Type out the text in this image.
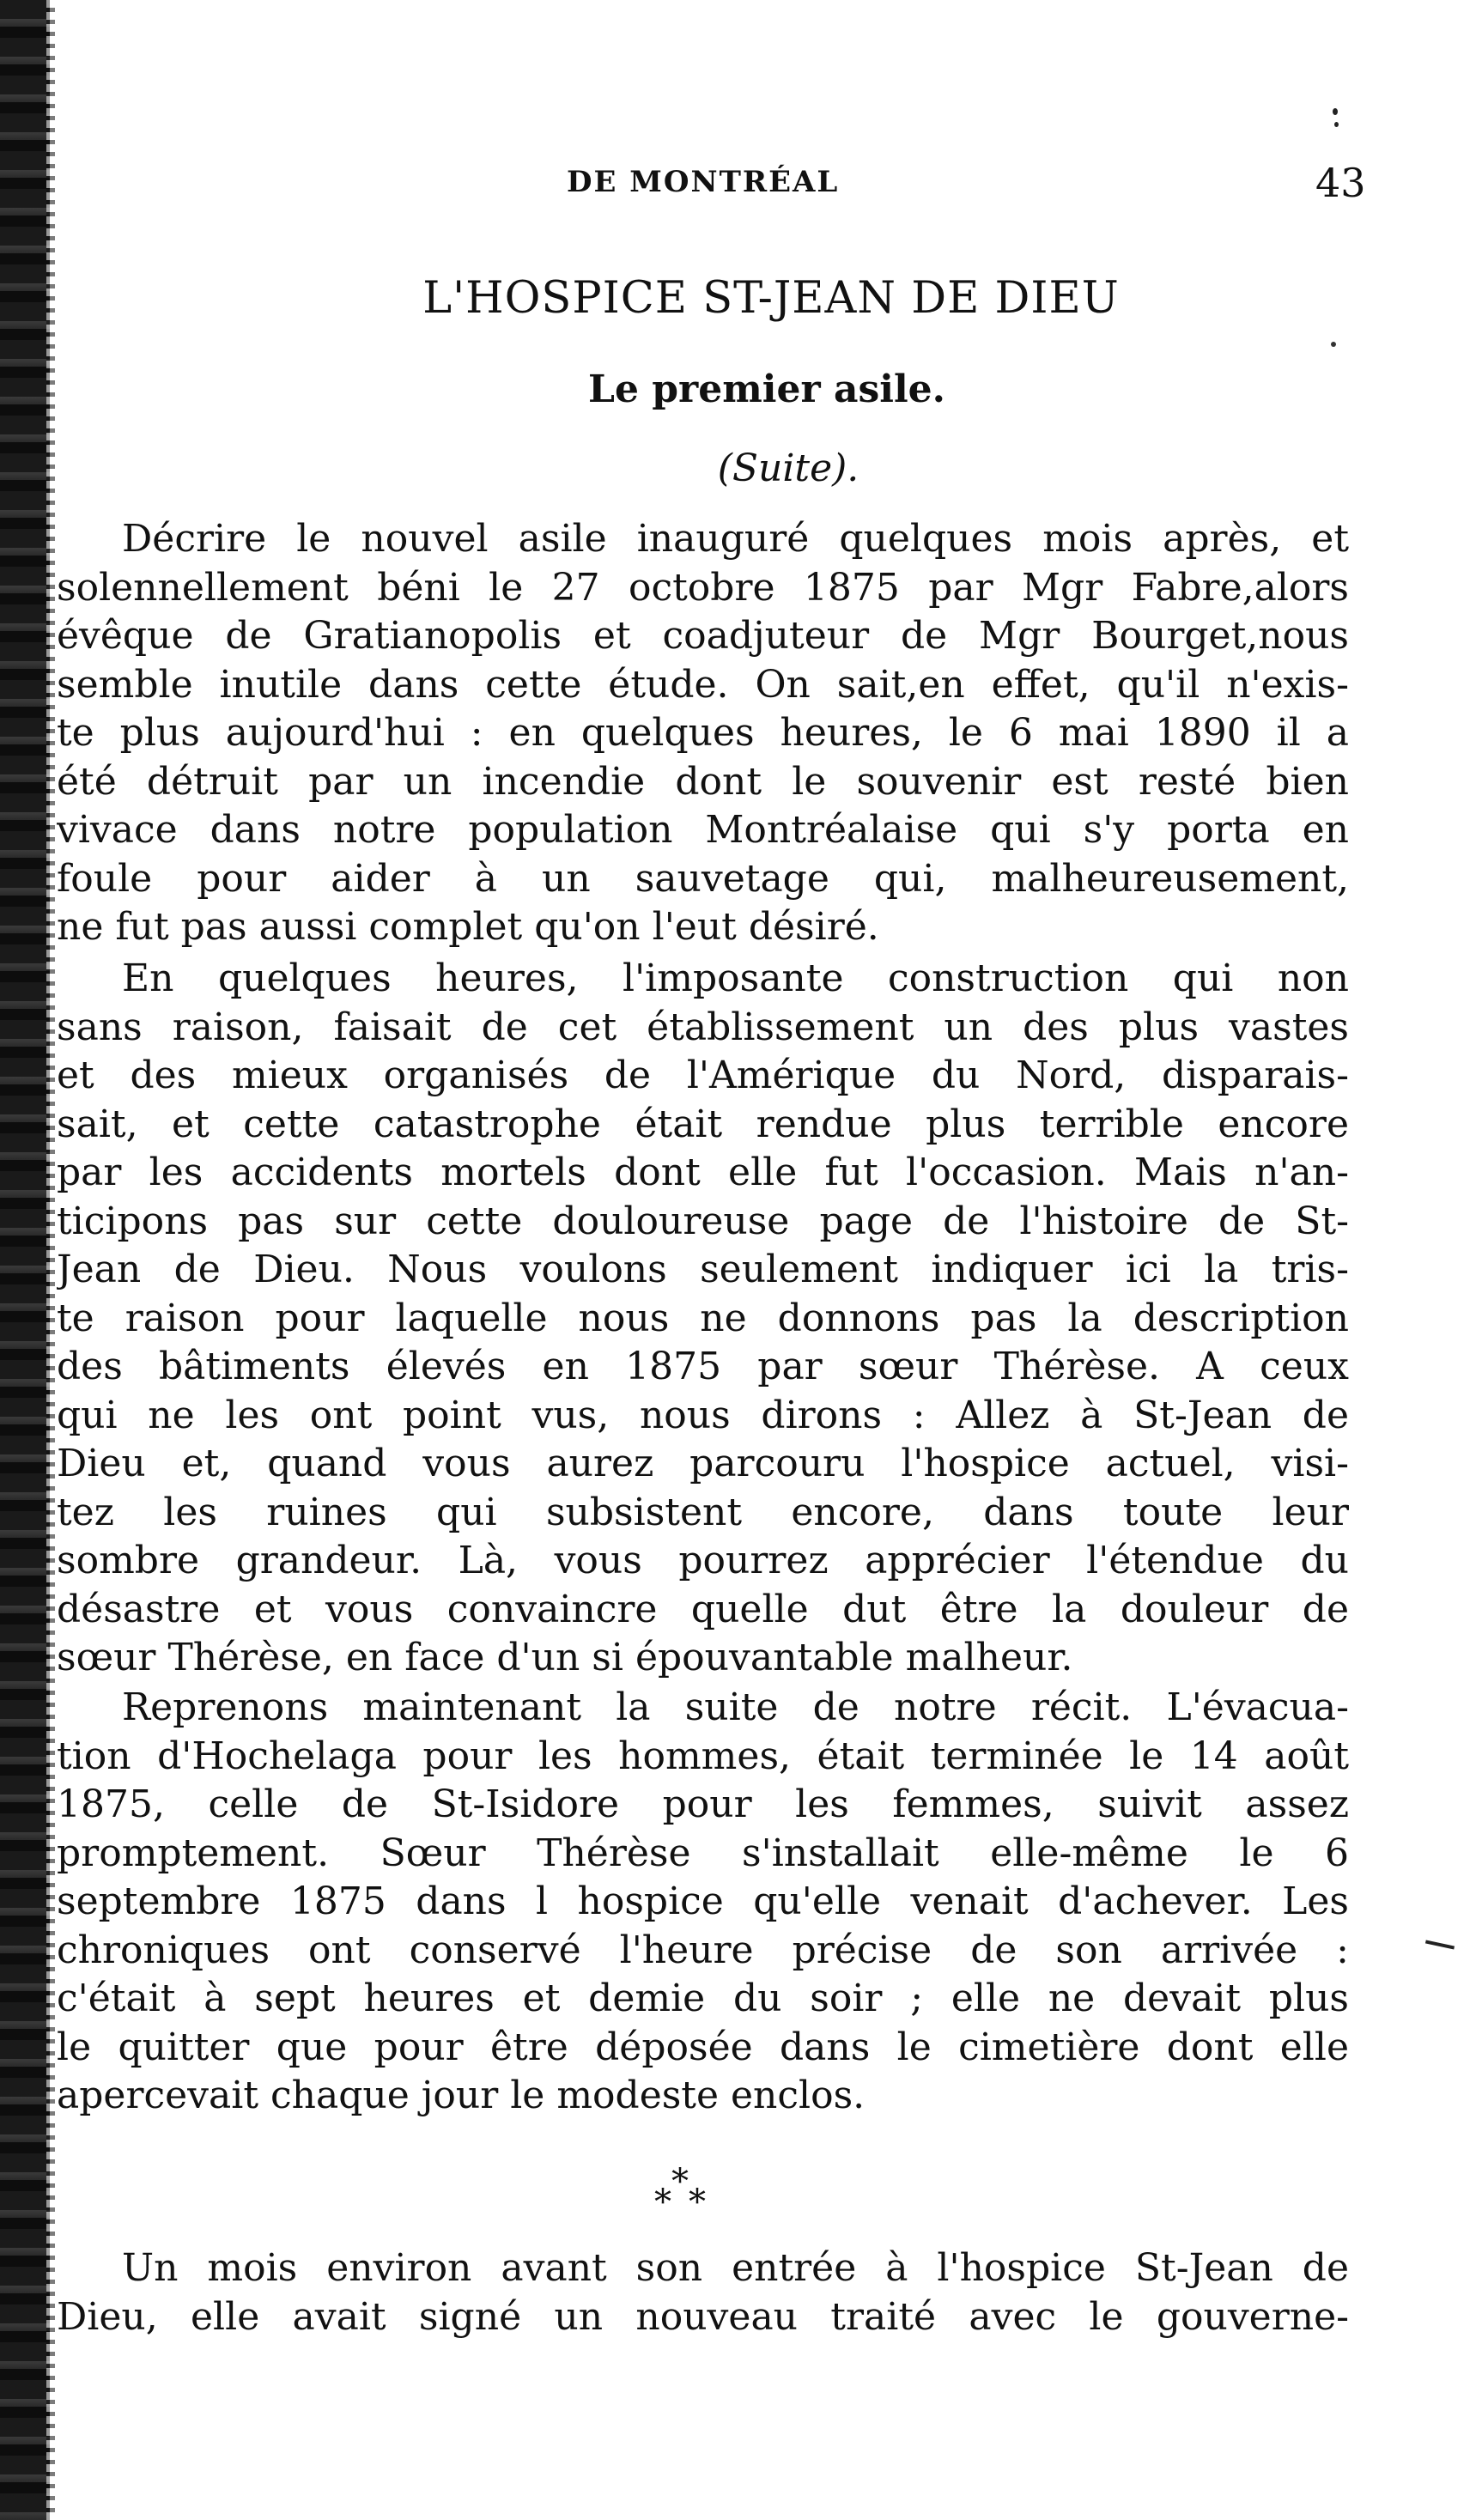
DE MONTRÉAL	43
L'HOSPICE ST-JEAN DE DIEU
Le premier asile.
(Suite).
Décrire le nouvel asile inauguré quelques mois après, et
solennellement béni le 27 octobre 1875 par Mgr Fabre,alors
évêque de Gratianopolis et coadjuteur de Mgr Bourget,nous
semble inutile dans cette étude. On sait,en effet, qu'il n'exis-
te plus aujourd'hui : en quelques heures, le 6 mai 1890 il a
été détruit par un incendie dont le souvenir est resté bien
vivace dans notre population Montréalaise qui s'y porta en
foule pour aider à un sauvetage qui, malheureusement,
ne fut pas aussi complet qu'on l'eut désiré.
En quelques heures, l'imposante construction qui non
sans raison, faisait de cet établissement un des plus vastes
et des mieux organisés de l'Amérique du Nord, disparais-
sait, et cette catastrophe était rendue plus terrible encore
par les accidents mortels dont elle fut l'occasion. Mais n'an-
ticipons pas sur cette douloureuse page de l'histoire de St-
Jean de Dieu. Nous voulons seulement indiquer ici la tris-
te raison pour laquelle nous ne donnons pas la description
des bâtiments élevés en 1875 par sœur Thérèse. A ceux
qui ne les ont point vus, nous dirons : Allez à St-Jean de
Dieu et, quand vous aurez parcouru l'hospice actuel, visi-
tez les ruines qui subsistent encore, dans toute leur
sombre grandeur. Là, vous pourrez apprécier l'étendue du
désastre et vous convaincre quelle dut être la douleur de
sœur Thérèse, en face d'un si épouvantable malheur.
Reprenons maintenant la suite de notre récit. L'évacua-
tion d'Hochelaga pour les hommes, était terminée le 14 août
1875, celle de St-Isidore pour les femmes, suivit assez
promptement. Sœur Thérèse s'installait elle-même le 6
septembre 1875 dans l hospice qu'elle venait d'achever. Les
chroniques ont conservé l'heure précise de son arrivée :
c'était à sept heures et demie du soir ; elle ne devait plus
le quitter que pour être déposée dans le cimetière dont elle
apercevait chaque jour le modeste enclos.
*
* *
Un mois environ avant son entrée à l'hospice St-Jean de
Dieu, elle avait signé un nouveau traité avec le gouverne-
